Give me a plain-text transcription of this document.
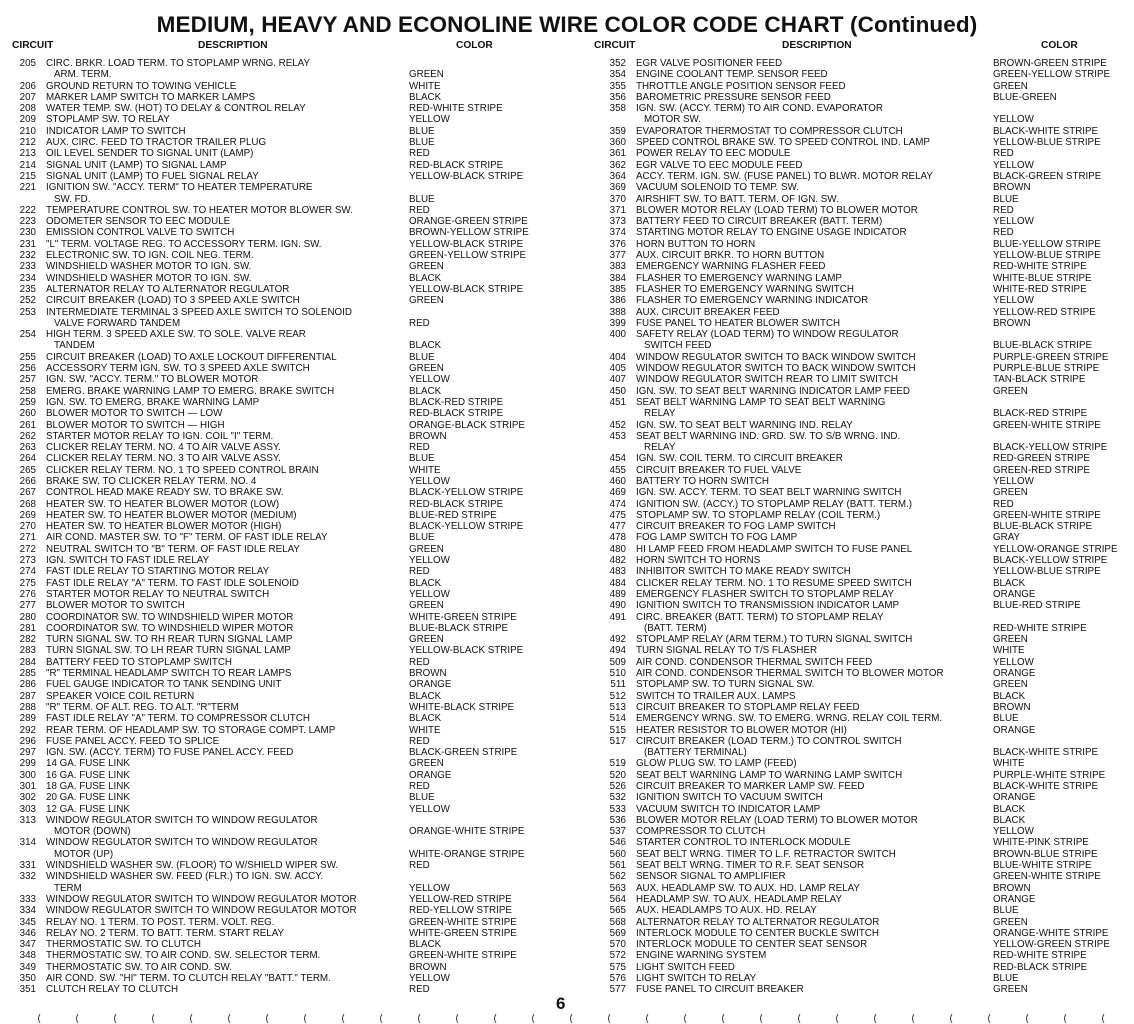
MEDIUM, HEAVY AND ECONOLINE WIRE COLOR CODE CHART (Continued)
CIRCUIT	DESCRIPTION	COLOR	CIRCUIT	DESCRIPTION	COLOR
205 CIRC. BRKR. LOAD TERM. TO STOPLAMP WRNG. RELAY
ARM. TERM.	GREEN
206 GROUND RETURN TO TOWING VEHICLE	WHITE
207 MARKER LAMP SWITCH TO MARKER LAMPS	BLACK
208 WATER TEMP. SW. (HOT) TO DELAY & CONTROL RELAY	RED-WHITE STRIPE
209 STOPLAMP SW. TO RELAY	YELLOW
210 INDICATOR LAMP TO SWITCH	BLUE
212 AUX. CIRC. FEED TO TRACTOR TRAILER PLUG	BLUE
213 OIL LEVEL SENDER TO SIGNAL UNIT (LAMP)	RED
214 SIGNAL UNIT (LAMP) TO SIGNAL LAMP	RED-BLACK STRIPE
215 SIGNAL UNIT (LAMP) TO FUEL SIGNAL RELAY	YELLOW-BLACK STRIPE
221 IGNITION SW. "ACCY. TERM" TO HEATER TEMPERATURE
SW. FD.	BLUE
222 TEMPERATURE CONTROL SW. TO HEATER MOTOR BLOWER SW.	RED
223 ODOMETER SENSOR TO EEC MODULE	ORANGE-GREEN STRIPE
230 EMISSION CONTROL VALVE TO SWITCH	BROWN-YELLOW STRIPE
231 "L" TERM. VOLTAGE REG. TO ACCESSORY TERM. IGN. SW.	YELLOW-BLACK STRIPE
232 ELECTRONIC SW. TO IGN. COIL NEG. TERM.	GREEN-YELLOW STRIPE
233 WINDSHIELD WASHER MOTOR TO IGN. SW.	GREEN
234 WINDSHIELD WASHER MOTOR TO IGN. SW.	BLACK
235 ALTERNATOR RELAY TO ALTERNATOR REGULATOR	YELLOW-BLACK STRIPE
252 CIRCUIT BREAKER (LOAD) TO 3 SPEED AXLE SWITCH	GREEN
253 INTERMEDIATE TERMINAL 3 SPEED AXLE SWITCH TO SOLENOID
VALVE FORWARD TANDEM	RED
254 HIGH TERM. 3 SPEED AXLE SW. TO SOLE. VALVE REAR
TANDEM	BLACK
255 CIRCUIT BREAKER (LOAD) TO AXLE LOCKOUT DIFFERENTIAL	BLUE
256 ACCESSORY TERM IGN. SW. TO 3 SPEED AXLE SWITCH	GREEN
257 IGN. SW. "ACCY. TERM." TO BLOWER MOTOR	YELLOW
258 EMERG. BRAKE WARNING LAMP TO EMERG. BRAKE SWITCH	BLACK
259 IGN. SW. TO EMERG. BRAKE WARNING LAMP	BLACK-RED STRIPE
260 BLOWER MOTOR TO SWITCH — LOW	RED-BLACK STRIPE
261 BLOWER MOTOR TO SWITCH — HIGH	ORANGE-BLACK STRIPE
262 STARTER MOTOR RELAY TO IGN. COIL "I" TERM.	BROWN
263 CLICKER RELAY TERM. NO. 4 TO AIR VALVE ASSY.	RED
264 CLICKER RELAY TERM. NO. 3 TO AIR VALVE ASSY.	BLUE
265 CLICKER RELAY TERM. NO. 1 TO SPEED CONTROL BRAIN	WHITE
266 BRAKE SW. TO CLICKER RELAY TERM. NO. 4	YELLOW
267 CONTROL HEAD MAKE READY SW. TO BRAKE SW.	BLACK-YELLOW STRIPE
268 HEATER SW. TO HEATER BLOWER MOTOR (LOW)	RED-BLACK STRIPE
269 HEATER SW. TO HEATER BLOWER MOTOR (MEDIUM)	BLUE-RED STRIPE
270 HEATER SW. TO HEATER BLOWER MOTOR (HIGH)	BLACK-YELLOW STRIPE
271 AIR COND. MASTER SW. TO "F" TERM. OF FAST IDLE RELAY	BLUE
272 NEUTRAL SWITCH TO "B" TERM. OF FAST IDLE RELAY	GREEN
273 IGN. SWITCH TO FAST IDLE RELAY	YELLOW
274 FAST IDLE RELAY TO STARTING MOTOR RELAY	RED
275 FAST IDLE RELAY "A" TERM. TO FAST IDLE SOLENOID	BLACK
276 STARTER MOTOR RELAY TO NEUTRAL SWITCH	YELLOW
277 BLOWER MOTOR TO SWITCH	GREEN
280 COORDINATOR SW. TO WINDSHIELD WIPER MOTOR	WHITE-GREEN STRIPE
281 COORDINATOR SW. TO WINDSHIELD WIPER MOTOR	BLUE-BLACK STRIPE
282 TURN SIGNAL SW. TO RH REAR TURN SIGNAL LAMP	GREEN
283 TURN SIGNAL SW. TO LH REAR TURN SIGNAL LAMP	YELLOW-BLACK STRIPE
284 BATTERY FEED TO STOPLAMP SWITCH	RED
285 "R" TERMINAL HEADLAMP SWITCH TO REAR LAMPS	BROWN
286 FUEL GAUGE INDICATOR TO TANK SENDING UNIT	ORANGE
287 SPEAKER VOICE COIL RETURN	BLACK
288 "R" TERM. OF ALT. REG. TO ALT. "R"TERM	WHITE-BLACK STRIPE
289 FAST IDLE RELAY "A" TERM. TO COMPRESSOR CLUTCH	BLACK
292 REAR TERM. OF HEADLAMP SW. TO STORAGE COMPT. LAMP	WHITE
296 FUSE PANEL ACCY. FEED TO SPLICE	RED
297 IGN. SW. (ACCY. TERM) TO FUSE PANEL ACCY. FEED	BLACK-GREEN STRIPE
299 14 GA. FUSE LINK	GREEN
300 16 GA. FUSE LINK	ORANGE
301 18 GA. FUSE LINK	RED
302 20 GA. FUSE LINK	BLUE
303 12 GA. FUSE LINK	YELLOW
313 WINDOW REGULATOR SWITCH TO WINDOW REGULATOR
MOTOR (DOWN)	ORANGE-WHITE STRIPE
314 WINDOW REGULATOR SWITCH TO WINDOW REGULATOR
MOTOR (UP)	WHITE-ORANGE STRIPE
331 WINDSHIELD WASHER SW. (FLOOR) TO W/SHIELD WIPER SW.	RED
332 WINDSHIELD WASHER SW. FEED (FLR.) TO IGN. SW. ACCY.
TERM	YELLOW
333 WINDOW REGULATOR SWITCH TO WINDOW REGULATOR MOTOR	YELLOW-RED STRIPE
334 WINDOW REGULATOR SWITCH TO WINDOW REGULATOR MOTOR	RED-YELLOW STRIPE
345 RELAY NO. 1 TERM. TO POST. TERM. VOLT. REG.	GREEN-WHITE STRIPE
346 RELAY NO. 2 TERM. TO BATT. TERM. START RELAY	WHITE-GREEN STRIPE
347 THERMOSTATIC SW. TO CLUTCH	BLACK
348 THERMOSTATIC SW. TO AIR COND. SW. SELECTOR TERM.	GREEN-WHITE STRIPE
349 THERMOSTATIC SW. TO AIR COND. SW.	BROWN
350 AIR COND. SW. "HI" TERM. TO CLUTCH RELAY "BATT." TERM.	YELLOW
351 CLUTCH RELAY TO CLUTCH	RED
352 EGR VALVE POSITIONER FEED	BROWN-GREEN STRIPE
354 ENGINE COOLANT TEMP. SENSOR FEED	GREEN-YELLOW STRIPE
355 THROTTLE ANGLE POSITION SENSOR FEED	GREEN
356 BAROMETRIC PRESSURE SENSOR FEED	BLUE-GREEN
358 IGN. SW. (ACCY. TERM) TO AIR COND. EVAPORATOR
MOTOR SW.	YELLOW
359 EVAPORATOR THERMOSTAT TO COMPRESSOR CLUTCH	BLACK-WHITE STRIPE
360 SPEED CONTROL BRAKE SW. TO SPEED CONTROL IND. LAMP	YELLOW-BLUE STRIPE
361 POWER RELAY TO EEC MODULE	RED
362 EGR VALVE TO EEC MODULE FEED	YELLOW
364 ACCY. TERM. IGN. SW. (FUSE PANEL) TO BLWR. MOTOR RELAY	BLACK-GREEN STRIPE
369 VACUUM SOLENOID TO TEMP. SW.	BROWN
370 AIRSHIFT SW. TO BATT. TERM. OF IGN. SW.	BLUE
371 BLOWER MOTOR RELAY (LOAD TERM) TO BLOWER MOTOR	RED
373 BATTERY FEED TO CIRCUIT BREAKER (BATT. TERM)	YELLOW
374 STARTING MOTOR RELAY TO ENGINE USAGE INDICATOR	RED
376 HORN BUTTON TO HORN	BLUE-YELLOW STRIPE
377 AUX. CIRCUIT BRKR. TO HORN BUTTON	YELLOW-BLUE STRIPE
383 EMERGENCY WARNING FLASHER FEED	RED-WHITE STRIPE
384 FLASHER TO EMERGENCY WARNING LAMP	WHITE-BLUE STRIPE
385 FLASHER TO EMERGENCY WARNING SWITCH	WHITE-RED STRIPE
386 FLASHER TO EMERGENCY WARNING INDICATOR	YELLOW
388 AUX. CIRCUIT BREAKER FEED	YELLOW-RED STRIPE
399 FUSE PANEL TO HEATER BLOWER SWITCH	BROWN
400 SAFETY RELAY (LOAD TERM) TO WINDOW REGULATOR
SWITCH FEED	BLUE-BLACK STRIPE
404 WINDOW REGULATOR SWITCH TO BACK WINDOW SWITCH	PURPLE-GREEN STRIPE
405 WINDOW REGULATOR SWITCH TO BACK WINDOW SWITCH	PURPLE-BLUE STRIPE
407 WINDOW REGULATOR SWITCH REAR TO LIMIT SWITCH	TAN-BLACK STRIPE
450 IGN. SW. TO SEAT BELT WARNING INDICATOR LAMP FEED	GREEN
451 SEAT BELT WARNING LAMP TO SEAT BELT WARNING
RELAY	BLACK-RED STRIPE
452 IGN. SW. TO SEAT BELT WARNING IND. RELAY	GREEN-WHITE STRIPE
453 SEAT BELT WARNING IND. GRD. SW. TO S/B WRNG. IND.
RELAY	BLACK-YELLOW STRIPE
454 IGN. SW. COIL TERM. TO CIRCUIT BREAKER	RED-GREEN STRIPE
455 CIRCUIT BREAKER TO FUEL VALVE	GREEN-RED STRIPE
460 BATTERY TO HORN SWITCH	YELLOW
469 IGN. SW. ACCY. TERM. TO SEAT BELT WARNING SWITCH	GREEN
474 IGNITION SW. (ACCY.) TO STOPLAMP RELAY (BATT. TERM.)	RED
475 STOPLAMP SW. TO STOPLAMP RELAY (COIL TERM.)	GREEN-WHITE STRIPE
477 CIRCUIT BREAKER TO FOG LAMP SWITCH	BLUE-BLACK STRIPE
478 FOG LAMP SWITCH TO FOG LAMP	GRAY
480 HI LAMP FEED FROM HEADLAMP SWITCH TO FUSE PANEL	YELLOW-ORANGE STRIPE
482 HORN SWITCH TO HORNS	BLACK-YELLOW STRIPE
483 INHIBITOR SWITCH TO MAKE READY SWITCH	YELLOW-BLUE STRIPE
484 CLICKER RELAY TERM. NO. 1 TO RESUME SPEED SWITCH	BLACK
489 EMERGENCY FLASHER SWITCH TO STOPLAMP RELAY	ORANGE
490 IGNITION SWITCH TO TRANSMISSION INDICATOR LAMP	BLUE-RED STRIPE
491 CIRC. BREAKER (BATT. TERM) TO STOPLAMP RELAY
(BATT. TERM)	RED-WHITE STRIPE
492 STOPLAMP RELAY (ARM TERM.) TO TURN SIGNAL SWITCH	GREEN
494 TURN SIGNAL RELAY TO T/S FLASHER	WHITE
509 AIR COND. CONDENSOR THERMAL SWITCH FEED	YELLOW
510 AIR COND. CONDENSOR THERMAL SWITCH TO BLOWER MOTOR	ORANGE
511 STOPLAMP SW. TO TURN SIGNAL SW.	GREEN
512 SWITCH TO TRAILER AUX. LAMPS	BLACK
513 CIRCUIT BREAKER TO STOPLAMP RELAY FEED	BROWN
514 EMERGENCY WRNG. SW. TO EMERG. WRNG. RELAY COIL TERM.	BLUE
515 HEATER RESISTOR TO BLOWER MOTOR (HI)	ORANGE
517 CIRCUIT BREAKER (LOAD TERM.) TO CONTROL SWITCH
(BATTERY TERMINAL)	BLACK-WHITE STRIPE
519 GLOW PLUG SW. TO LAMP (FEED)	WHITE
520 SEAT BELT WARNING LAMP TO WARNING LAMP SWITCH	PURPLE-WHITE STRIPE
526 CIRCUIT BREAKER TO MARKER LAMP SW. FEED	BLACK-WHITE STRIPE
532 IGNITION SWITCH TO VACUUM SWITCH	ORANGE
533 VACUUM SWITCH TO INDICATOR LAMP	BLACK
536 BLOWER MOTOR RELAY (LOAD TERM) TO BLOWER MOTOR	BLACK
537 COMPRESSOR TO CLUTCH	YELLOW
546 STARTER CONTROL TO INTERLOCK MODULE	WHITE-PINK STRIPE
560 SEAT BELT WRNG. TIMER TO L.F. RETRACTOR SWITCH	BROWN-BLUE STRIPE
561 SEAT BELT WRNG. TIMER TO R.F. SEAT SENSOR	BLUE-WHITE STRIPE
562 SENSOR SIGNAL TO AMPLIFIER	GREEN-WHITE STRIPE
563 AUX. HEADLAMP SW. TO AUX. HD. LAMP RELAY	BROWN
564 HEADLAMP SW. TO AUX. HEADLAMP RELAY	ORANGE
565 AUX. HEADLAMPS TO AUX. HD. RELAY	BLUE
568 ALTERNATOR RELAY TO ALTERNATOR REGULATOR	GREEN
569 INTERLOCK MODULE TO CENTER BUCKLE SWITCH	ORANGE-WHITE STRIPE
570 INTERLOCK MODULE TO CENTER SEAT SENSOR	YELLOW-GREEN STRIPE
572 ENGINE WARNING SYSTEM	RED-WHITE STRIPE
575 LIGHT SWITCH FEED	RED-BLACK STRIPE
576 LIGHT SWITCH TO RELAY	BLUE
577 FUSE PANEL TO CIRCUIT BREAKER	GREEN
6
